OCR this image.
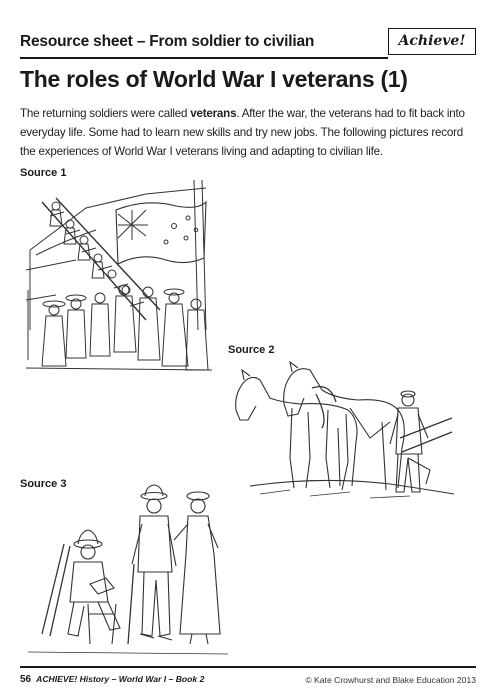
Resource sheet – From soldier to civilian	Achieve!
The roles of World War I veterans (1)

The returning soldiers were called veterans. After the war, the veterans had to fit back into everyday life. Some had to learn new skills and try new jobs. The following pictures record the experiences of World War I veterans living and adapting to civilian life.

Source 1
Source 2
Source 3
56 ACHIEVE! History – World War I – Book 2	© Kate Crowhurst and Blake Education 2013
